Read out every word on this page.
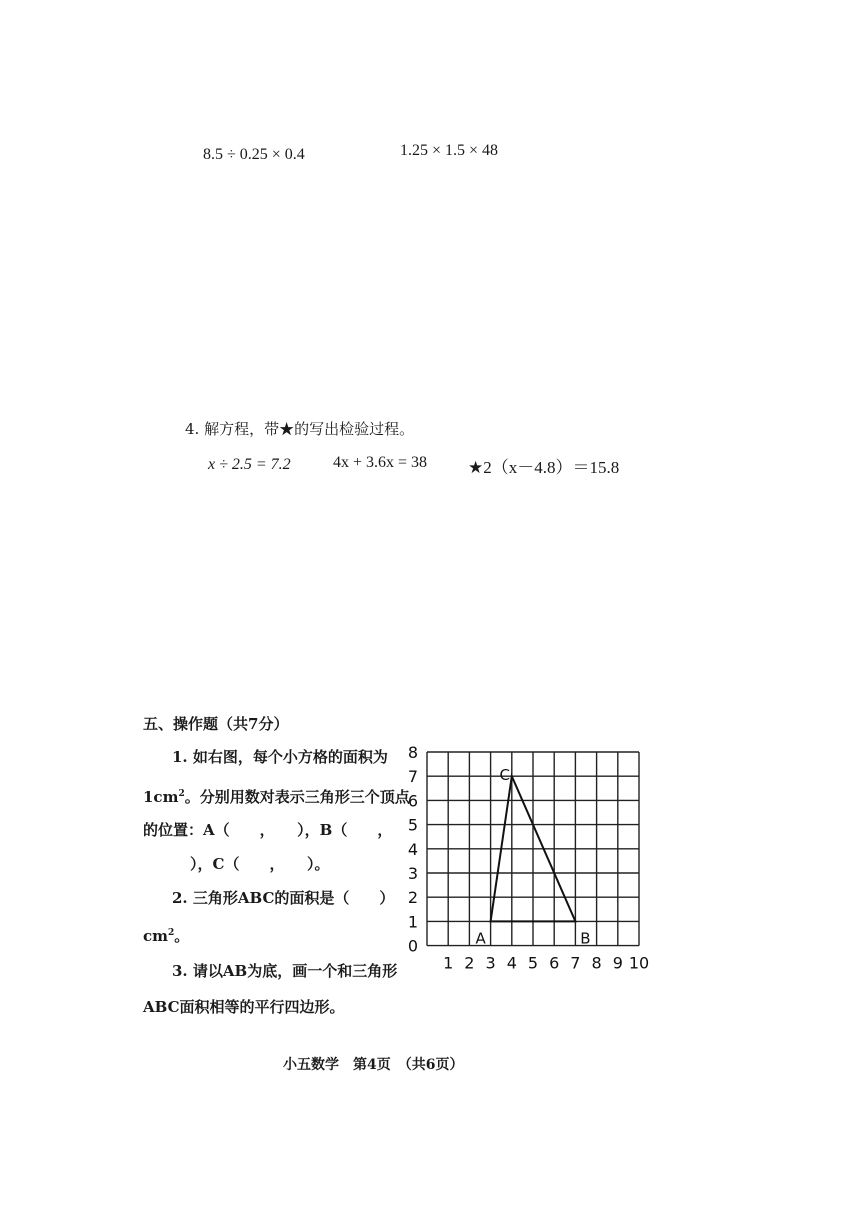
8.5 ÷ 0.25 × 0.4	1.25 × 1.5 × 48
4. 解方程，带★的写出检验过程。
x ÷ 2.5 = 7.2	4x + 3.6x = 38 ★2（x－4.8）＝15.8
五、操作题（共7分）
1. 如右图，每个小方格的面积为
$1cm^2$。分别用数对表示三角形三个顶点
的位置：A（　　，　　），B（　　，
　），C（　　，　　）。
2. 三角形ABC的面积是（　　）
$cm^2$。
3. 请以AB为底，画一个和三角形
ABC面积相等的平行四边形。
0
1
2
3
4
5
6
7
8
1 2 3 4 5 6 7 8 9 10
A	B
C
小五数学　第4页　（共6页）
